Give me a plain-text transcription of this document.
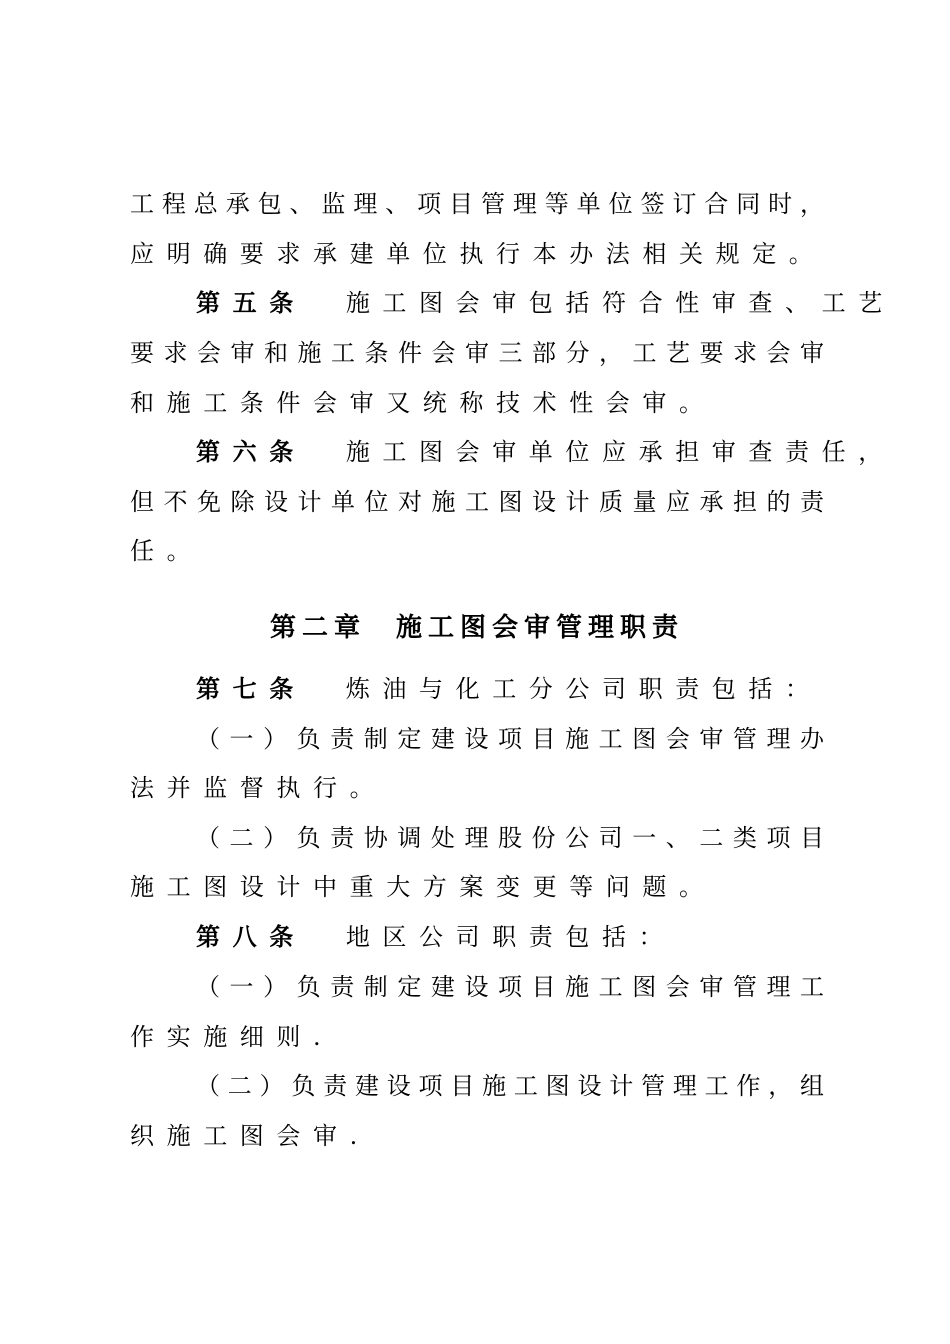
工程总承包、监理、项目管理等单位签订合同时，
应明确要求承建单位执行本办法相关规定。
第五条 施工图会审包括符合性审查、工艺
要求会审和施工条件会审三部分，工艺要求会审
和施工条件会审又统称技术性会审。
第六条 施工图会审单位应承担审查责任，
但不免除设计单位对施工图设计质量应承担的责
任。
第二章 施工图会审管理职责
第七条 炼油与化工分公司职责包括：
（一）负责制定建设项目施工图会审管理办
法并监督执行。
（二）负责协调处理股份公司一、二类项目
施工图设计中重大方案变更等问题。
第八条 地区公司职责包括：
（一）负责制定建设项目施工图会审管理工
作实施细则.
（二）负责建设项目施工图设计管理工作，组
织施工图会审.
